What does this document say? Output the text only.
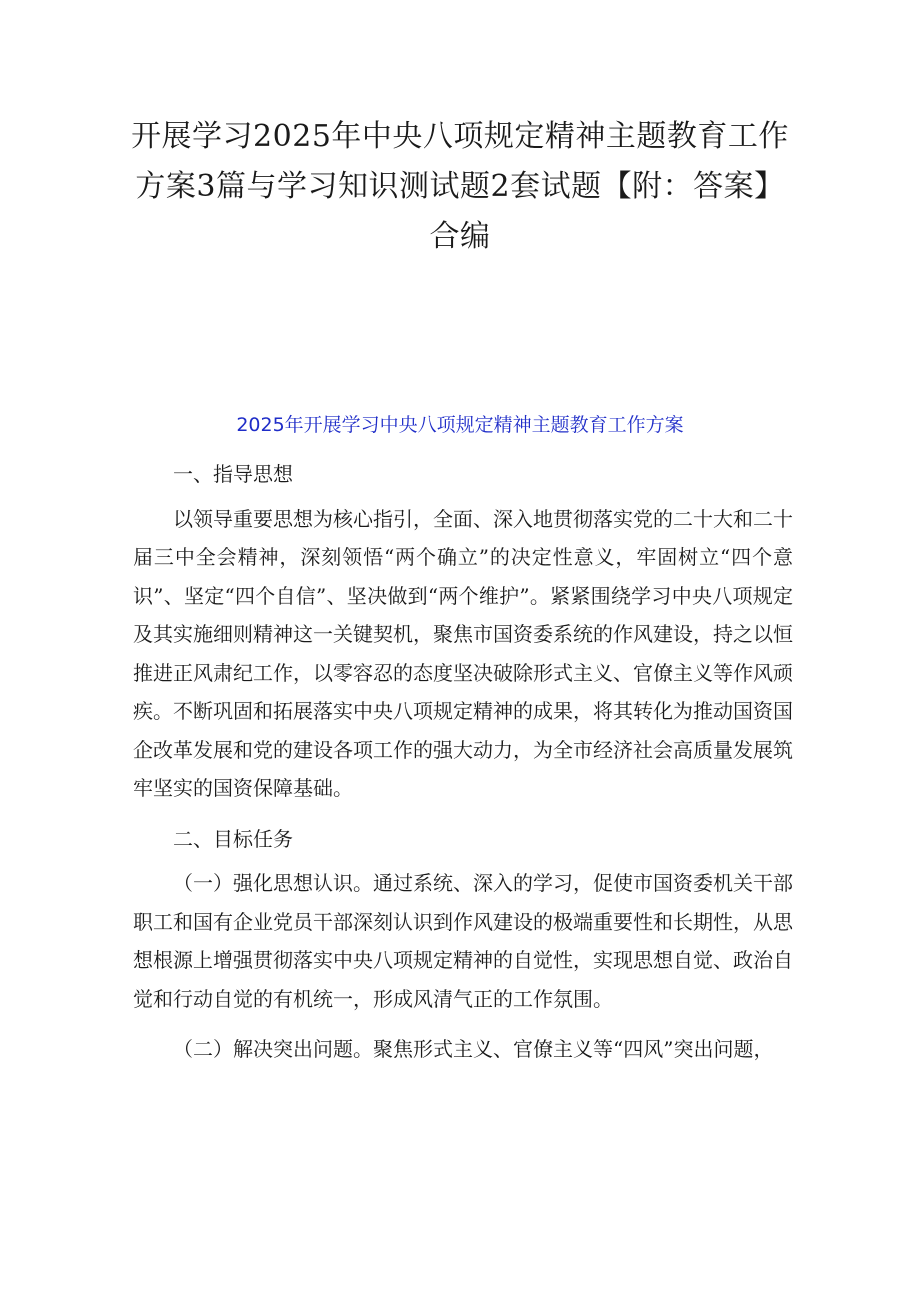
开展学习2025年中央八项规定精神主题教育工作方案3篇与学习知识测试题2套试题【附：答案】合编
2025年开展学习中央八项规定精神主题教育工作方案

一、指导思想

以领导重要思想为核心指引，全面、深入地贯彻落实党的二十大和二十届三中全会精神，深刻领悟“两个确立”的决定性意义，牢固树立“四个意识”、坚定“四个自信”、坚决做到“两个维护”。紧紧围绕学习中央八项规定及其实施细则精神这一关键契机，聚焦市国资委系统的作风建设，持之以恒推进正风肃纪工作，以零容忍的态度坚决破除形式主义、官僚主义等作风顽疾。不断巩固和拓展落实中央八项规定精神的成果，将其转化为推动国资国企改革发展和党的建设各项工作的强大动力，为全市经济社会高质量发展筑牢坚实的国资保障基础。

二、目标任务

（一）强化思想认识。通过系统、深入的学习，促使市国资委机关干部职工和国有企业党员干部深刻认识到作风建设的极端重要性和长期性，从思想根源上增强贯彻落实中央八项规定精神的自觉性，实现思想自觉、政治自觉和行动自觉的有机统一，形成风清气正的工作氛围。

（二）解决突出问题。聚焦形式主义、官僚主义等“四风”突出问题，
